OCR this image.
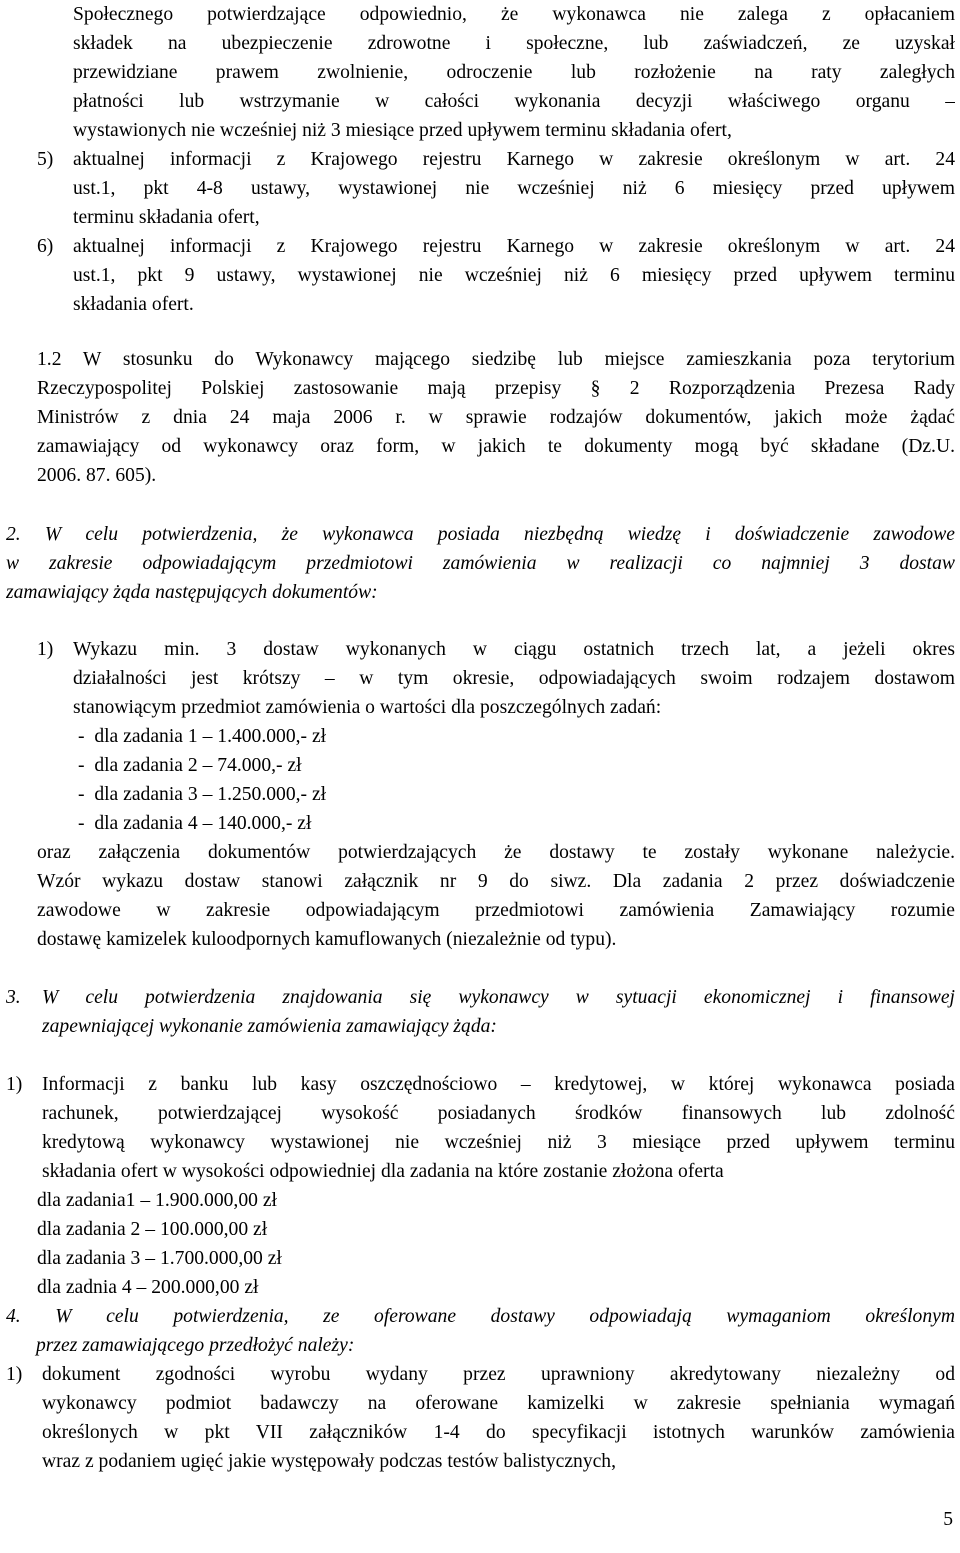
Społecznego potwierdzające odpowiednio, że wykonawca nie zalega z opłacaniem
składek na ubezpieczenie zdrowotne i społeczne, lub zaświadczeń, ze uzyskał
przewidziane prawem zwolnienie, odroczenie lub rozłożenie na raty zaległych
płatności lub wstrzymanie w całości wykonania decyzji właściwego organu –
wystawionych nie wcześniej niż 3 miesiące przed upływem terminu składania ofert,
5) aktualnej informacji z Krajowego rejestru Karnego w zakresie określonym w art. 24
ust.1, pkt 4-8 ustawy, wystawionej nie wcześniej niż 6 miesięcy przed upływem
terminu składania ofert,
6) aktualnej informacji z Krajowego rejestru Karnego w zakresie określonym w art. 24
ust.1, pkt 9 ustawy, wystawionej nie wcześniej niż 6 miesięcy przed upływem terminu
składania ofert.
1.2 W stosunku do Wykonawcy mającego siedzibę lub miejsce zamieszkania poza terytorium
Rzeczypospolitej Polskiej zastosowanie mają przepisy § 2 Rozporządzenia Prezesa Rady
Ministrów z dnia 24 maja 2006 r. w sprawie rodzajów dokumentów, jakich może żądać
zamawiający od wykonawcy oraz form, w jakich te dokumenty mogą być składane (Dz.U.
2006. 87. 605).
2. W celu potwierdzenia, że wykonawca posiada niezbędną wiedzę i doświadczenie zawodowe
w zakresie odpowiadającym przedmiotowi zamówienia w realizacji co najmniej 3 dostaw
zamawiający żąda następujących dokumentów:
1) Wykazu min. 3 dostaw wykonanych w ciągu ostatnich trzech lat, a jeżeli okres
działalności jest krótszy – w tym okresie, odpowiadających swoim rodzajem dostawom
stanowiącym przedmiot zamówienia o wartości dla poszczególnych zadań:
-  dla zadania 1 – 1.400.000,- zł
-  dla zadania 2 – 74.000,- zł
-  dla zadania 3 – 1.250.000,- zł
-  dla zadania 4 – 140.000,- zł
oraz załączenia dokumentów potwierdzających że dostawy te zostały wykonane należycie.
Wzór wykazu dostaw stanowi załącznik nr 9 do siwz. Dla zadania 2 przez doświadczenie
zawodowe w zakresie odpowiadającym przedmiotowi zamówienia Zamawiający rozumie
dostawę kamizelek kuloodpornych kamuflowanych (niezależnie od typu).
3. W celu potwierdzenia znajdowania się wykonawcy w sytuacji ekonomicznej i finansowej
zapewniającej wykonanie zamówienia zamawiający żąda:
1) Informacji z banku lub kasy oszczędnościowo – kredytowej, w której wykonawca posiada
rachunek, potwierdzającej wysokość posiadanych środków finansowych lub zdolność
kredytową wykonawcy wystawionej nie wcześniej niż 3 miesiące przed upływem terminu
składania ofert w wysokości odpowiedniej dla zadania na które zostanie złożona oferta
dla zadania1 – 1.900.000,00 zł
dla zadania 2 – 100.000,00 zł
dla zadania 3 – 1.700.000,00 zł
dla zadnia 4 – 200.000,00 zł
4. W celu potwierdzenia, ze oferowane dostawy odpowiadają wymaganiom określonym
przez zamawiającego przedłożyć należy:
1) dokument zgodności wyrobu wydany przez uprawniony akredytowany niezależny od
wykonawcy podmiot badawczy na oferowane kamizelki w zakresie spełniania wymagań
określonych w pkt VII załączników 1-4 do specyfikacji istotnych warunków zamówienia
wraz z podaniem ugięć jakie występowały podczas testów balistycznych,
5
